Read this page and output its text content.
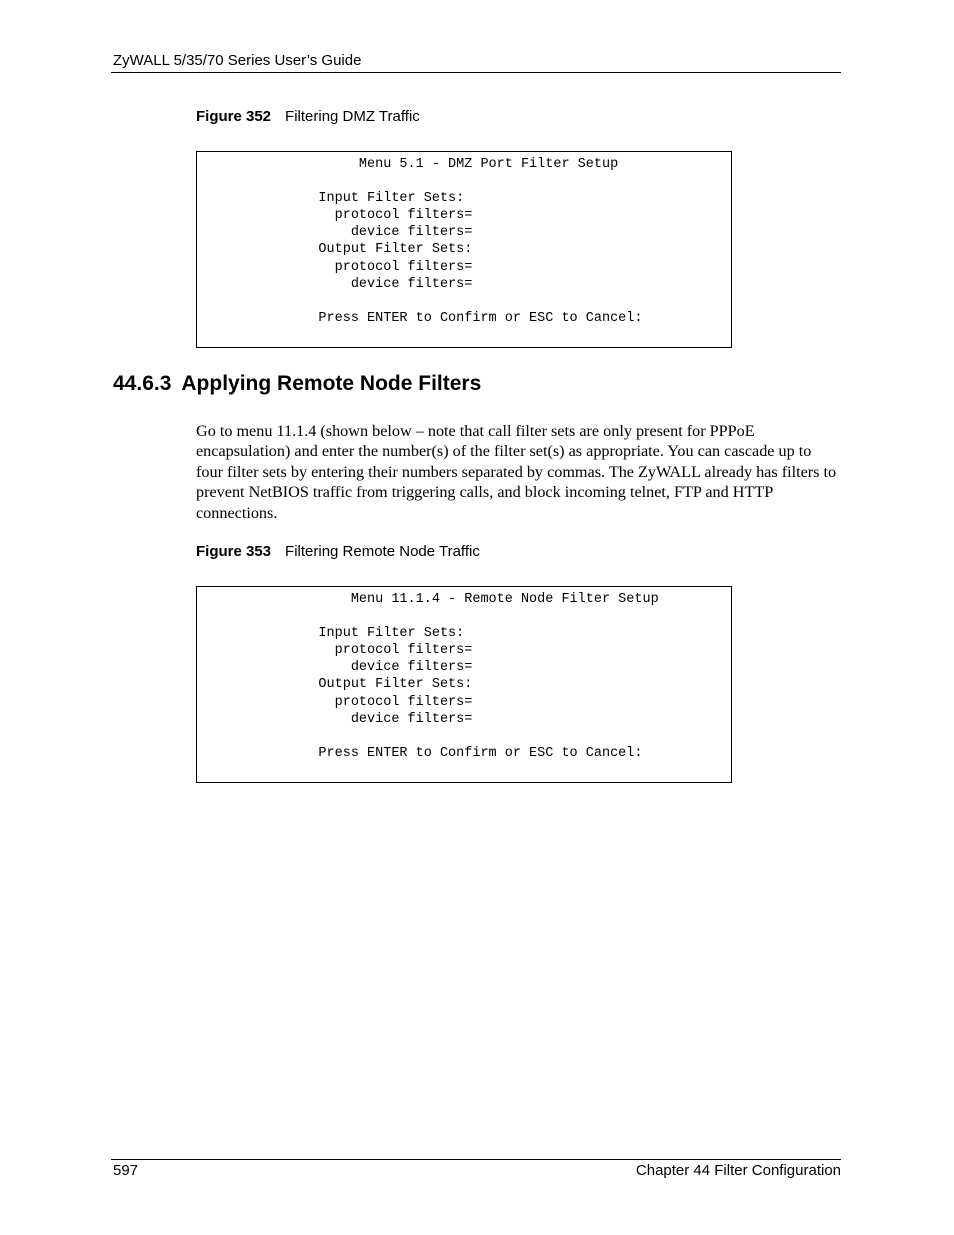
ZyWALL 5/35/70 Series User’s Guide
Figure 352 Filtering DMZ Traffic
Menu 5.1 - DMZ Port Filter Setup
Input Filter Sets:
protocol filters=
device filters=
Output Filter Sets:
protocol filters=
device filters=
Press ENTER to Confirm or ESC to Cancel:
44.6.3 Applying Remote Node Filters

Go to menu 11.1.4 (shown below – note that call filter sets are only present for PPPoE encapsulation) and enter the number(s) of the filter set(s) as appropriate. You can cascade up to four filter sets by entering their numbers separated by commas. The ZyWALL already has filters to prevent NetBIOS traffic from triggering calls, and block incoming telnet, FTP and HTTP connections.

Figure 353 Filtering Remote Node Traffic
Menu 11.1.4 - Remote Node Filter Setup
Input Filter Sets:
protocol filters=
device filters=
Output Filter Sets:
protocol filters=
device filters=
Press ENTER to Confirm or ESC to Cancel:
597	Chapter 44 Filter Configuration
